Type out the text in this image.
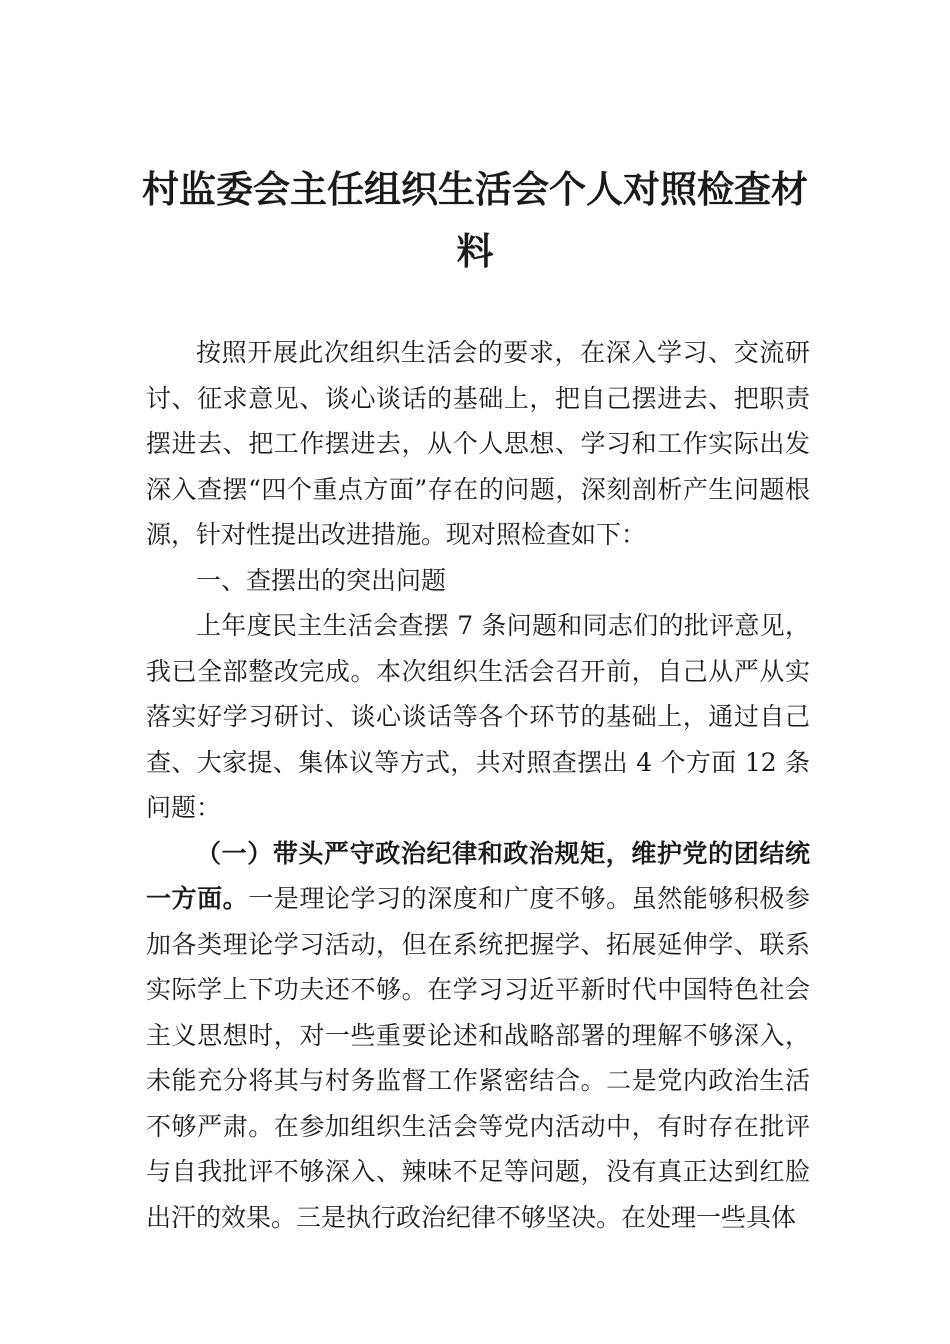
村监委会主任组织生活会个人对照检查材料

按照开展此次组织生活会的要求，在深入学习、交流研讨、征求意见、谈心谈话的基础上，把自己摆进去、把职责摆进去、把工作摆进去，从个人思想、学习和工作实际出发深入查摆“四个重点方面”存在的问题，深刻剖析产生问题根源，针对性提出改进措施。现对照检查如下：

一、查摆出的突出问题

上年度民主生活会查摆 7 条问题和同志们的批评意见，我已全部整改完成。本次组织生活会召开前，自己从严从实落实好学习研讨、谈心谈话等各个环节的基础上，通过自己查、大家提、集体议等方式，共对照查摆出 4 个方面 12 条问题：

（一）带头严守政治纪律和政治规矩，维护党的团结统一方面。一是理论学习的深度和广度不够。虽然能够积极参加各类理论学习活动，但在系统把握学、拓展延伸学、联系实际学上下功夫还不够。在学习习近平新时代中国特色社会主义思想时，对一些重要论述和战略部署的理解不够深入，未能充分将其与村务监督工作紧密结合。二是党内政治生活不够严肃。在参加组织生活会等党内活动中，有时存在批评与自我批评不够深入、辣味不足等问题，没有真正达到红脸出汗的效果。三是执行政治纪律不够坚决。在处理一些具体
